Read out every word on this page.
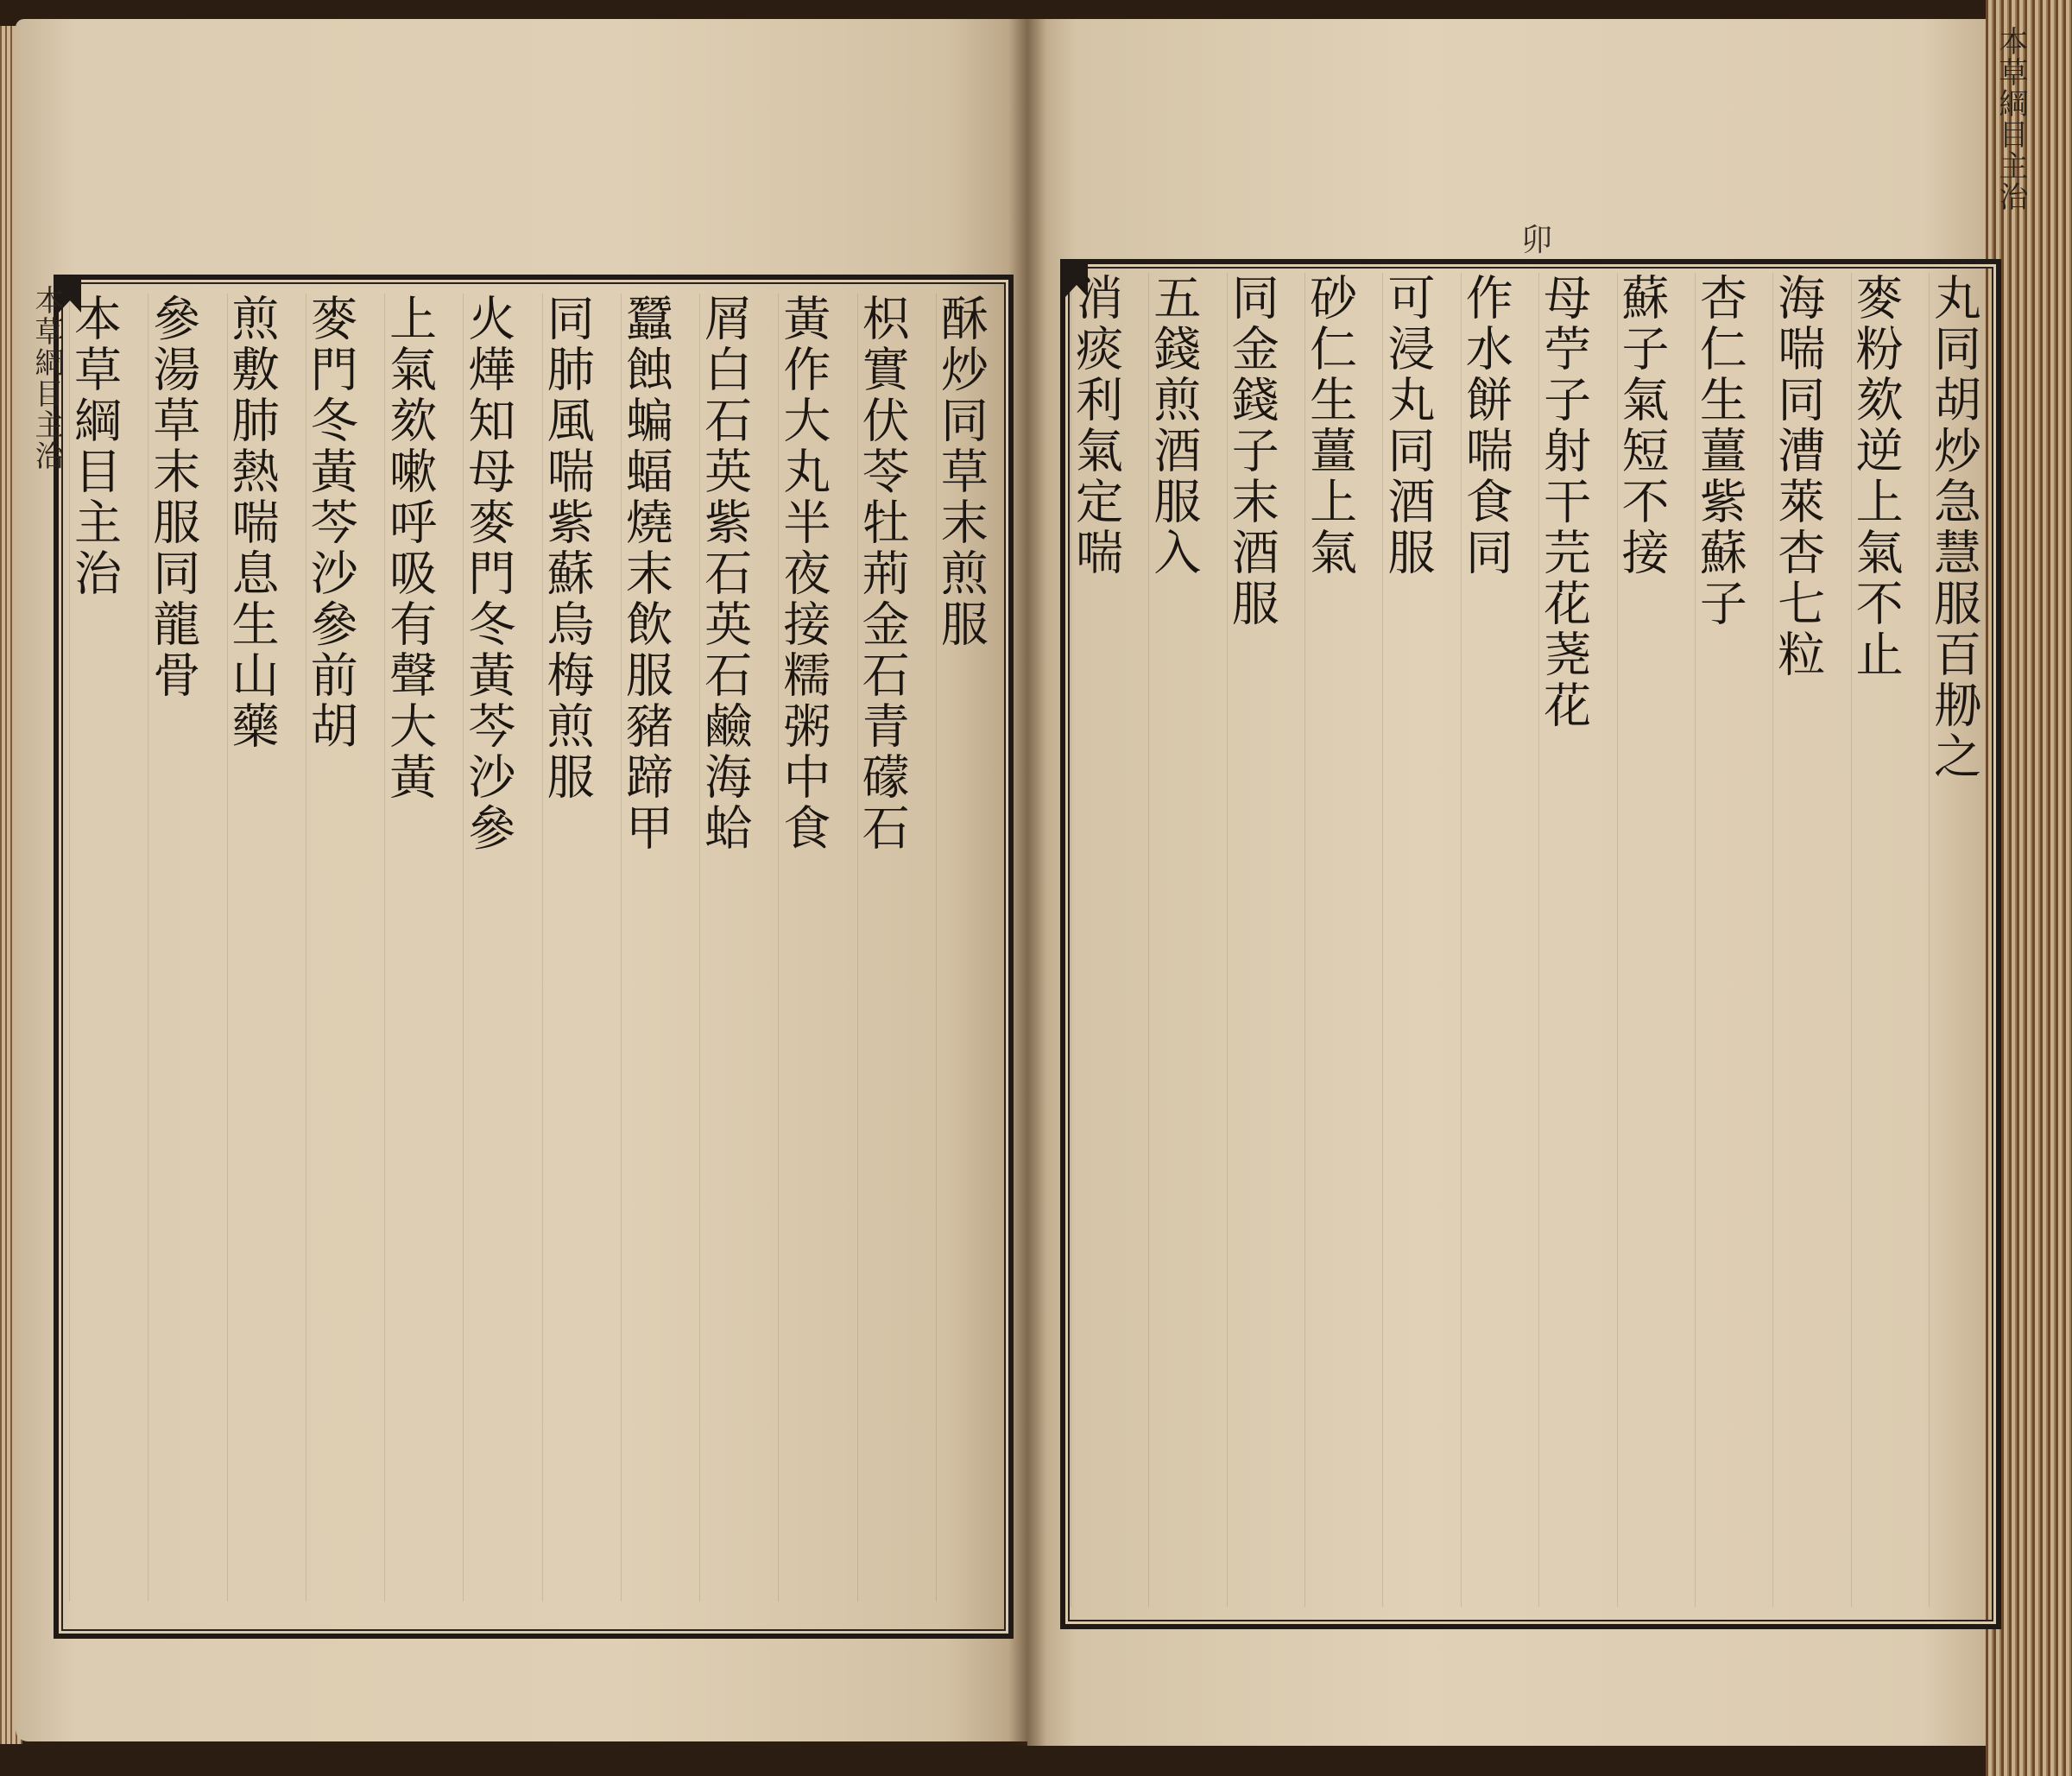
本草綱目主治
本草綱目主治
卯
酥炒同草末煎服
枳實伏苓牡荊金石青礞石
黃作大丸半夜接糯粥中食
屑白石英紫石英石鹼海蛤
蠶蝕蝙蝠燒末飲服豬蹄甲
同肺風喘紫蘇烏梅煎服
火燁知母麥門冬黃芩沙參
上氣欬嗽呼吸有聲大黃
麥門冬黃芩沙參前胡
煎敷肺熱喘息生山藥
參湯草末服同龍骨
本草綱目主治	丸同胡炒急慧服百刱之
麥粉欬逆上氣不止
海喘同漕萊杏七粒
杏仁生薑紫蘇子
蘇子氣短不接
母苧子射干芫花荛花
作水餅喘食同
可浸丸同酒服
砂仁生薑上氣
同金錢子末酒服
五錢煎酒服入
消痰利氣定喘
